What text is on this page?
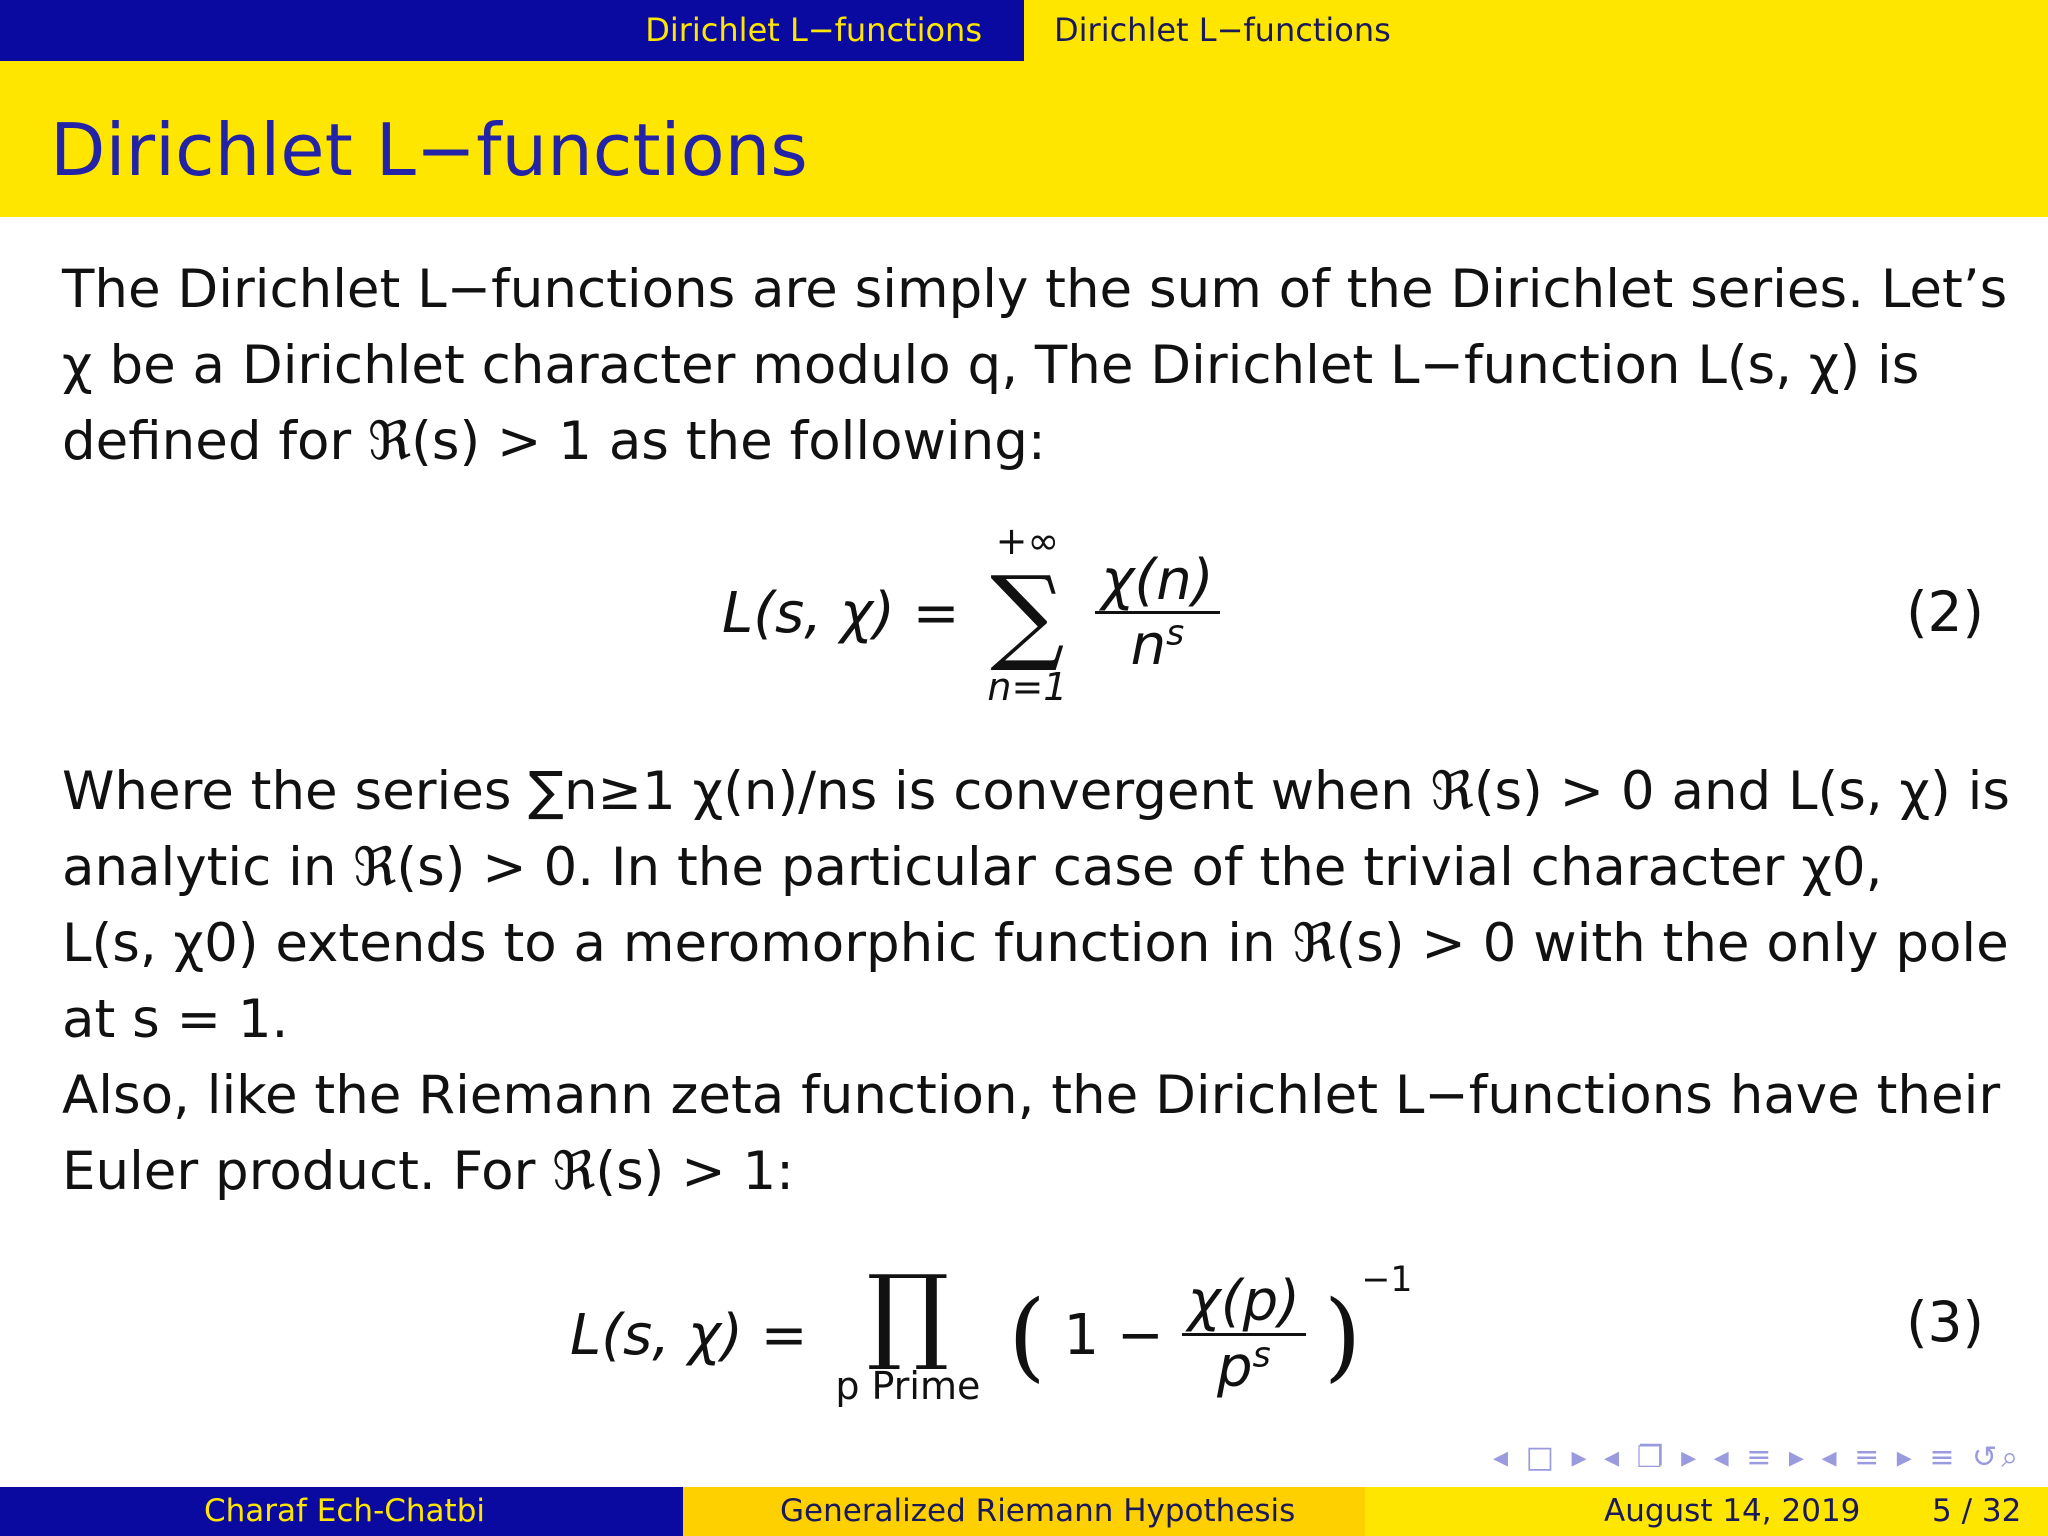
Dirichlet L−functions	Dirichlet L−functions
Dirichlet L−functions
The Dirichlet L−functions are simply the sum of the Dirichlet series. Let’s
χ be a Dirichlet character modulo q, The Dirichlet L−function L(s, χ) is
defined for ℜ(s) > 1 as the following:
L(s, χ) =
+∞
∑
n=1

$\frac{\chi(n)}{n^s}$	(2)
Where the series ∑n≥1 χ(n)/ns is convergent when ℜ(s) > 0 and L(s, χ) is
analytic in ℜ(s) > 0. In the particular case of the trivial character χ0,
L(s, χ0) extends to a meromorphic function in ℜ(s) > 0 with the only pole
at s = 1.
Also, like the Riemann zeta function, the Dirichlet L−functions have their
Euler product. For ℜ(s) > 1:
L(s, χ) = ∏
p Prime ( $1 - \frac{\chi(p)}{p^s} )^{-1}$
(3)
◂ □ ▸ ◂ ❐ ▸ ◂ ≡ ▸ ◂ ≡ ▸ ≡ ↺⌕
Charaf Ech-Chatbi	Generalized Riemann Hypothesis	August 14, 2019 5 / 32
